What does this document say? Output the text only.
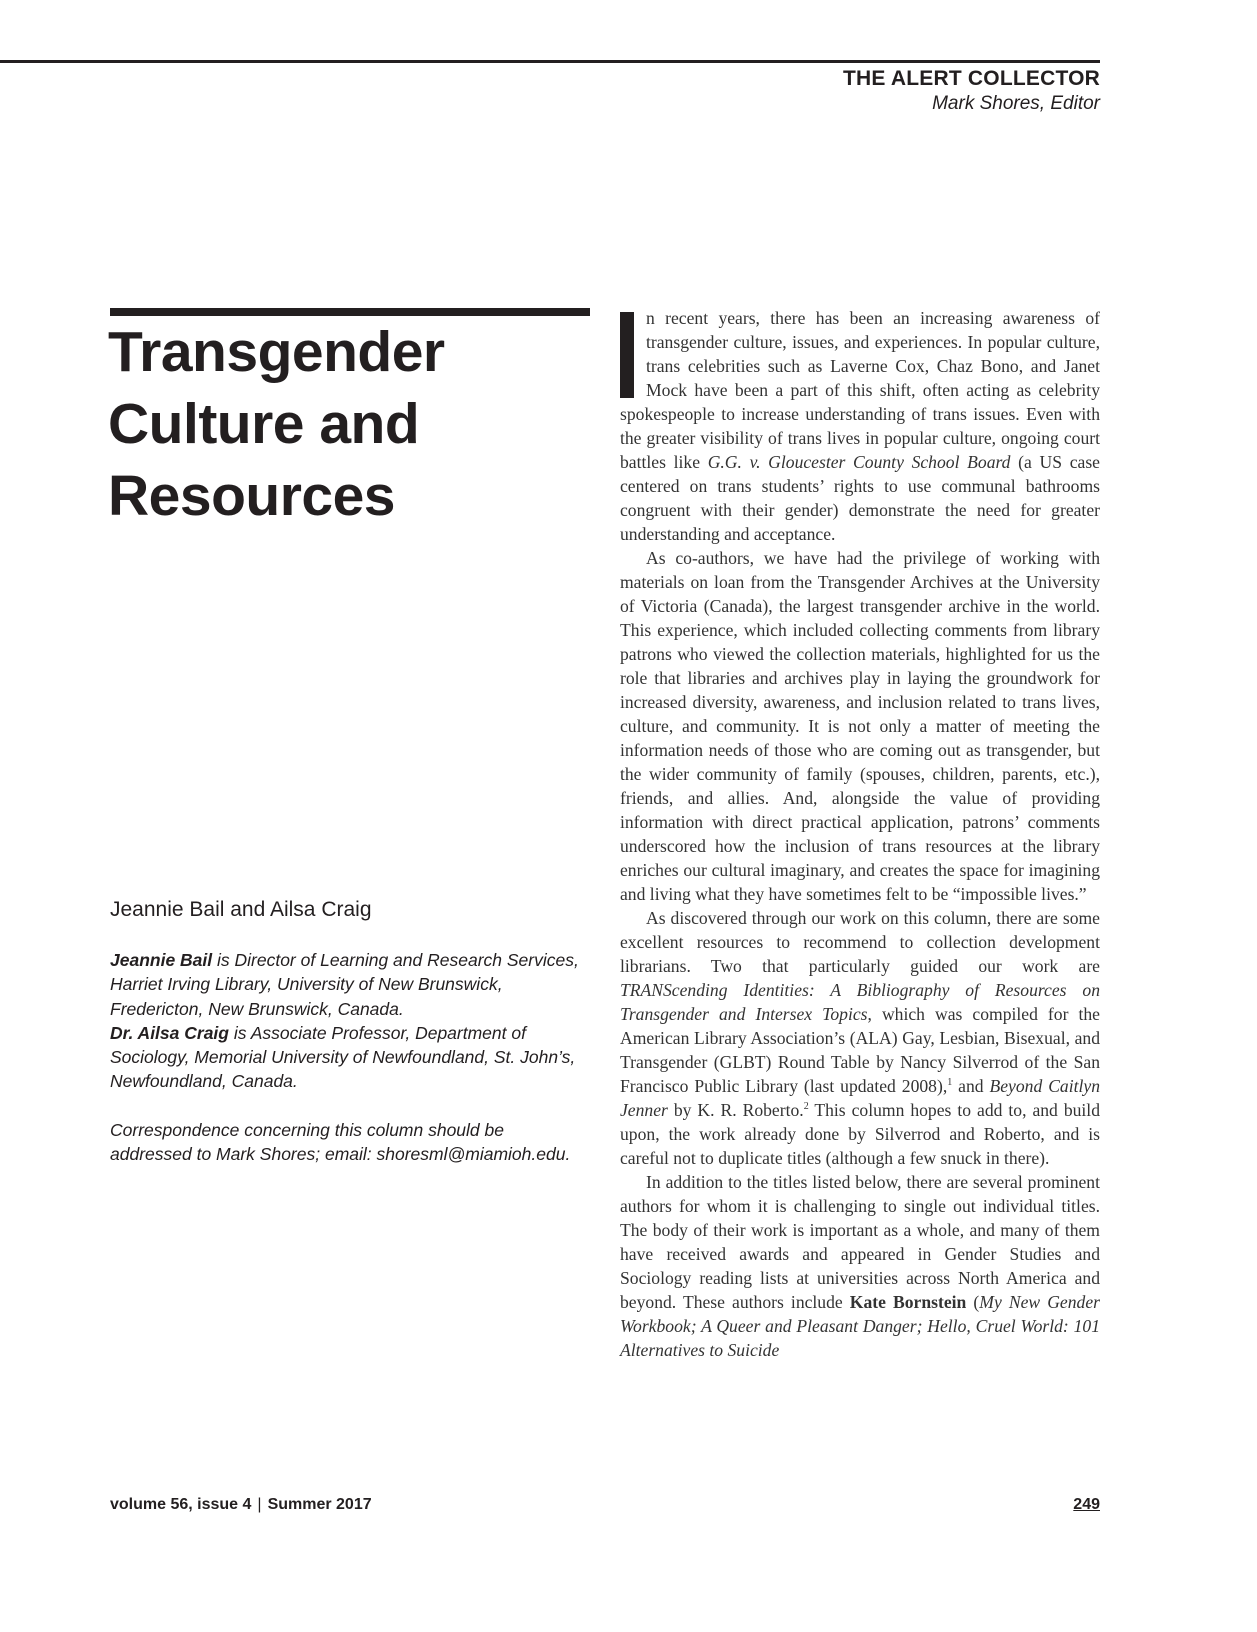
THE ALERT COLLECTOR
Mark Shores, Editor
Transgender
Culture and
Resources
Jeannie Bail and Ailsa Craig

Jeannie Bail is Director of Learning and Research Services, Harriet Irving Library, University of New Brunswick, Fredericton, New Brunswick, Canada.

Dr. Ailsa Craig is Associate Professor, Department of Sociology, Memorial University of Newfoundland, St. John’s, Newfoundland, Canada.

Correspondence concerning this column should be addressed to Mark Shores; email: shoresml@miamioh.edu.

n recent years, there has been an increasing awareness of transgender culture, issues, and experiences. In popular culture, trans celebrities such as Laverne Cox, Chaz Bono, and Janet Mock have been a part of this shift, often acting as celebrity spokespeople to increase understanding of trans issues. Even with the greater visibility of trans lives in popular culture, ongoing court battles like G.G. v. Gloucester County School Board (a US case centered on trans students’ rights to use communal bathrooms congruent with their gender) demonstrate the need for greater understanding and acceptance.

As co-authors, we have had the privilege of working with materials on loan from the Transgender Archives at the University of Victoria (Canada), the largest transgender archive in the world. This experience, which included collecting comments from library patrons who viewed the collection materials, highlighted for us the role that libraries and archives play in laying the groundwork for increased diversity, awareness, and inclusion related to trans lives, culture, and community. It is not only a matter of meeting the information needs of those who are coming out as transgender, but the wider community of family (spouses, children, parents, etc.), friends, and allies. And, alongside the value of providing information with direct practical application, patrons’ comments underscored how the inclusion of trans resources at the library enriches our cultural imaginary, and creates the space for imagining and living what they have sometimes felt to be “impossible lives.”

As discovered through our work on this column, there are some excellent resources to recommend to collection development librarians. Two that particularly guided our work are TRANScending Identities: A Bibliography of Resources on Transgender and Intersex Topics, which was compiled for the American Library Association’s (ALA) Gay, Lesbian, Bisexual, and Transgender (GLBT) Round Table by Nancy Silverrod of the San Francisco Public Library (last updated 2008),$^1$ and Beyond Caitlyn Jenner by K. R. Roberto.$^2$ This column hopes to add to, and build upon, the work already done by Silverrod and Roberto, and is careful not to duplicate titles (although a few snuck in there).

In addition to the titles listed below, there are several prominent authors for whom it is challenging to single out individual titles. The body of their work is important as a whole, and many of them have received awards and appeared in Gender Studies and Sociology reading lists at universities across North America and beyond. These authors include Kate Bornstein (My New Gender Workbook; A Queer and Pleasant Danger; Hello, Cruel World: 101 Alternatives to Suicide

volume 56, issue 4 | Summer 2017	249
